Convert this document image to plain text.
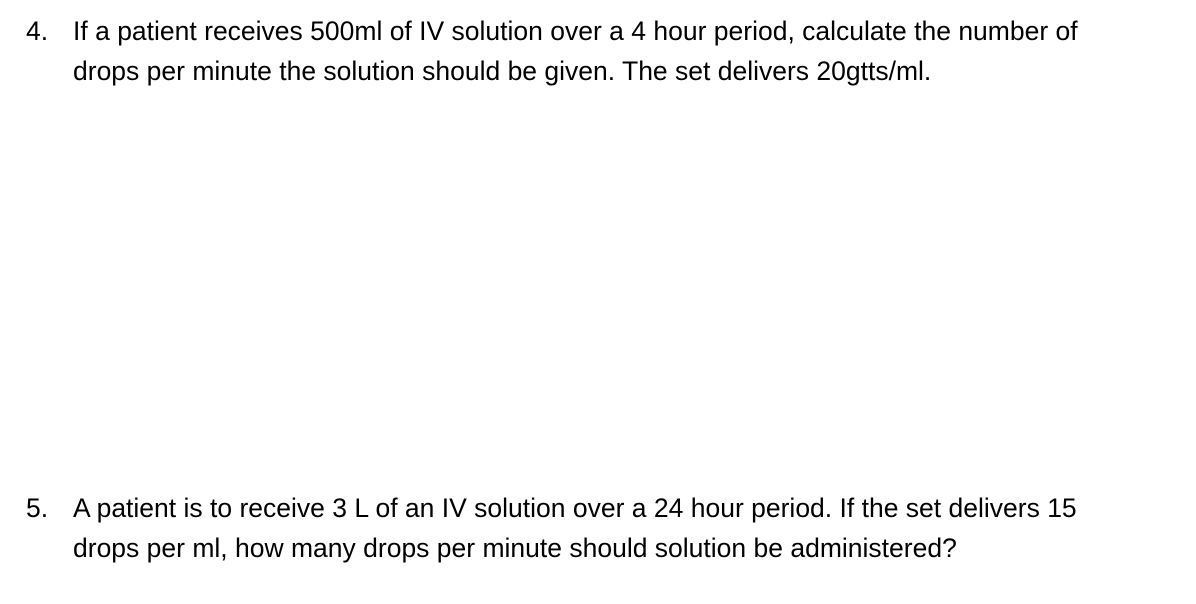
4. If a patient receives 500ml of IV solution over a 4 hour period, calculate the number of
drops per minute the solution should be given. The set delivers 20gtts/ml.
5. A patient is to receive 3 L of an IV solution over a 24 hour period. If the set delivers 15
drops per ml, how many drops per minute should solution be administered?
